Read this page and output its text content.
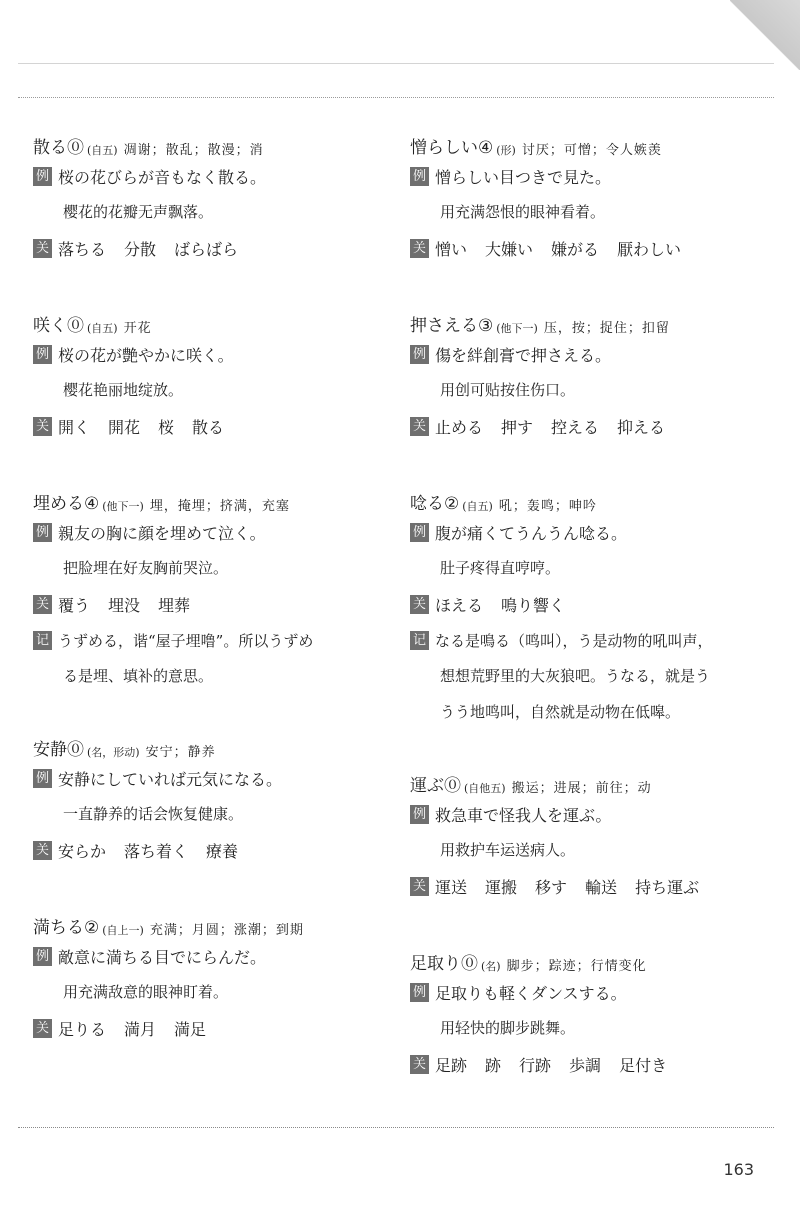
散る ⓪ (自五) 凋谢；散乱；散漫；消
例 桜の花びらが音もなく散る。
樱花的花瓣无声飘落。
关 落ちる 分散 ばらばら
咲く ⓪ (自五) 开花
例 桜の花が艶やかに咲く。
樱花艳丽地绽放。
关 開く 開花 桜 散る
埋める ④ (他下一) 埋，掩埋；挤满，充塞
例 親友の胸に顔を埋めて泣く。
把脸埋在好友胸前哭泣。
关 覆う 埋没 埋葬
记 うずめる，谐“屋子埋噜”。所以うずめ
る是埋、填补的意思。
安静 ⓪ (名，形动) 安宁；静养
例 安静にしていれば元気になる。
一直静养的话会恢复健康。
关 安らか 落ち着く 療養
満ちる ② (自上一) 充满；月圆；涨潮；到期
例 敵意に満ちる目でにらんだ。
用充满敌意的眼神盯着。
关 足りる 満月 満足
憎らしい ④ (形) 讨厌；可憎；令人嫉羡
例 憎らしい目つきで見た。
用充满怨恨的眼神看着。
关 憎い 大嫌い 嫌がる 厭わしい
押さえる ③ (他下一) 压，按；捉住；扣留
例 傷を絆創膏で押さえる。
用创可贴按住伤口。
关 止める 押す 控える 抑える
唸る ② (自五) 吼；轰鸣；呻吟
例 腹が痛くてうんうん唸る。
肚子疼得直哼哼。
关 ほえる 鳴り響く
记 なる是鳴る（鸣叫），う是动物的吼叫声，
想想荒野里的大灰狼吧。うなる，就是う
うう地鸣叫，自然就是动物在低嗥。
運ぶ ⓪ (自他五) 搬运；进展；前往；动
例 救急車で怪我人を運ぶ。
用救护车运送病人。
关 運送 運搬 移す 輸送 持ち運ぶ
足取り ⓪ (名) 脚步；踪迹；行情变化
例 足取りも軽くダンスする。
用轻快的脚步跳舞。
关 足跡 跡 行跡 歩調 足付き
163
